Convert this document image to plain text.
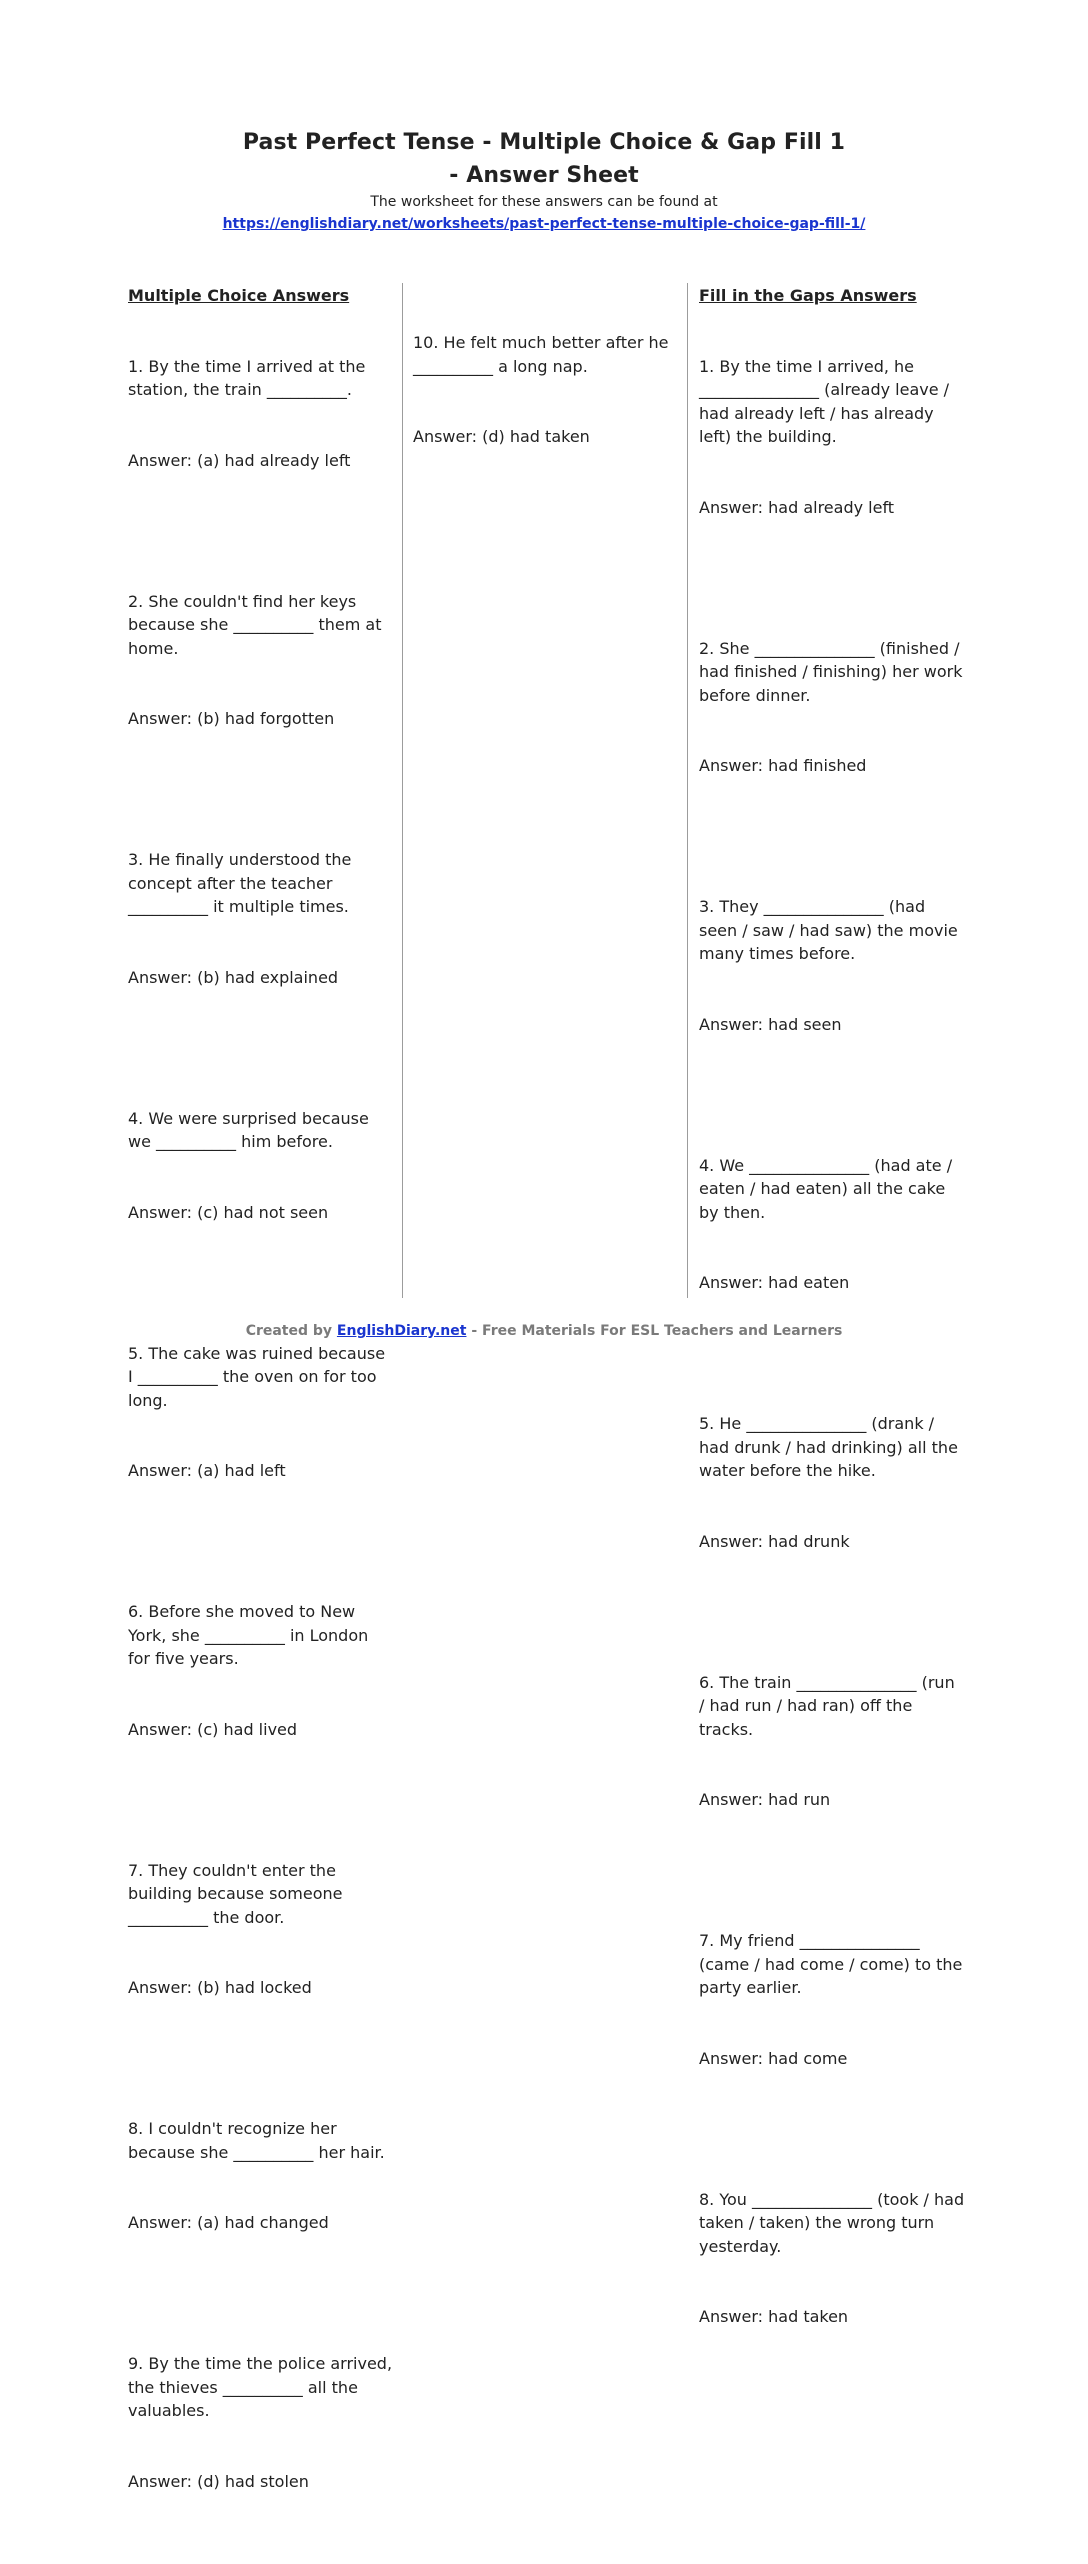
Past Perfect Tense - Multiple Choice & Gap Fill 1
- Answer Sheet
The worksheet for these answers can be found at
https://englishdiary.net/worksheets/past-perfect-tense-multiple-choice-gap-fill-1/
Multiple Choice Answers

1. By the time I arrived at the station, the train __________.

Answer: (a) had already left

2. She couldn't find her keys because she __________ them at home.

Answer: (b) had forgotten

3. He finally understood the concept after the teacher __________ it multiple times.

Answer: (b) had explained

4. We were surprised because we __________ him before.

Answer: (c) had not seen

5. The cake was ruined because I __________ the oven on for too long.

Answer: (a) had left

6. Before she moved to New York, she __________ in London for five years.

Answer: (c) had lived

7. They couldn't enter the building because someone __________ the door.

Answer: (b) had locked

8. I couldn't recognize her because she __________ her hair.

Answer: (a) had changed

9. By the time the police arrived, the thieves __________ all the valuables.

Answer: (d) had stolen

10. He felt much better after he __________ a long nap.

Answer: (d) had taken

Fill in the Gaps Answers

1. By the time I arrived, he _______________ (already leave / had already left / has already left) the building.

Answer: had already left

2. She _______________ (finished / had finished / finishing) her work before dinner.

Answer: had finished

3. They _______________ (had seen / saw / had saw) the movie many times before.

Answer: had seen

4. We _______________ (had ate / eaten / had eaten) all the cake by then.

Answer: had eaten

5. He _______________ (drank / had drunk / had drinking) all the water before the hike.

Answer: had drunk

6. The train _______________ (run / had run / had ran) off the tracks.

Answer: had run

7. My friend _______________ (came / had come / come) to the party earlier.

Answer: had come

8. You _______________ (took / had taken / taken) the wrong turn yesterday.

Answer: had taken

Created by EnglishDiary.net - Free Materials For ESL Teachers and Learners
